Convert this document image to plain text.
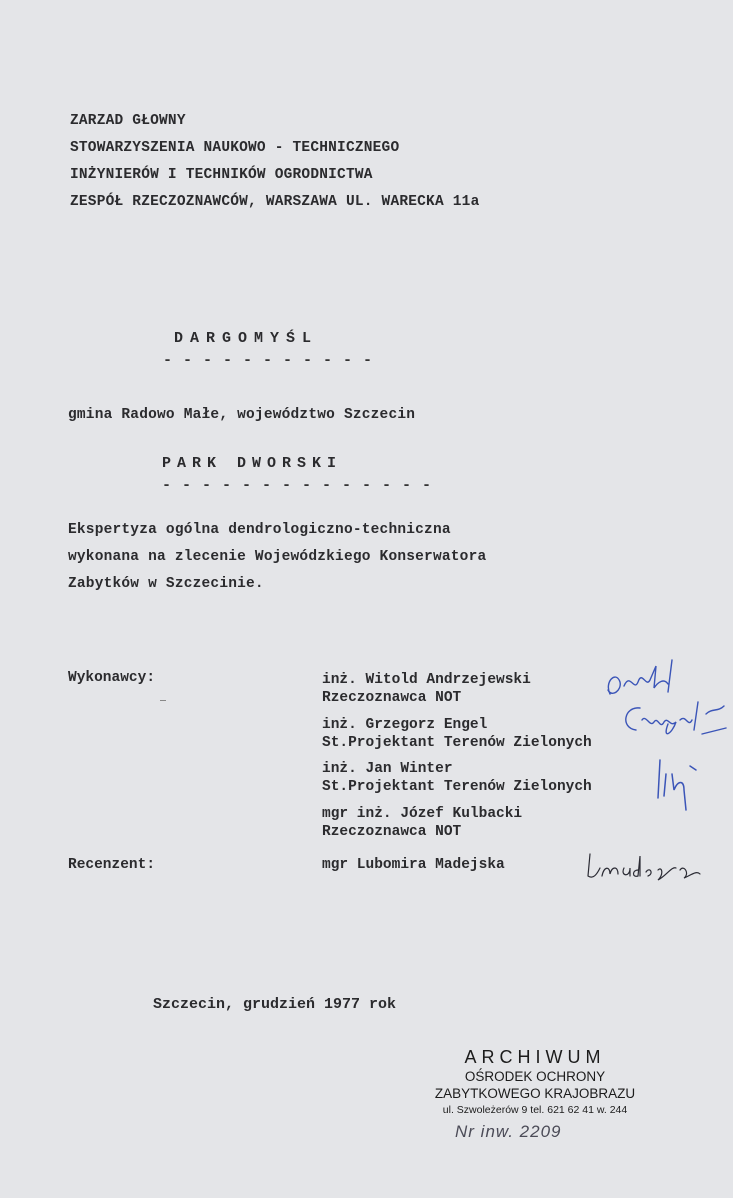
ZARZAD GŁOWNY
STOWARZYSZENIA NAUKOWO - TECHNICZNEGO
INŻYNIERÓW I TECHNIKÓW OGRODNICTWA
ZESPÓŁ RZECZOZNAWCÓW, WARSZAWA UL. WARECKA 11a
DARGOMYŚL
- - - - - - - - - - -
gmina Radowo Małe, województwo Szczecin
PARK DWORSKI
- - - - - - - - - - - - - -
Ekspertyza ogólna dendrologiczno-techniczna
wykonana na zlecenie Wojewódzkiego Konserwatora
Zabytków w Szczecinie.
Wykonawcy:	inż. Witold Andrzejewski
Rzeczoznawca NOT
inż. Grzegorz Engel
St.Projektant Terenów Zielonych
inż. Jan Winter
St.Projektant Terenów Zielonych
mgr inż. Józef Kulbacki
Rzeczoznawca NOT
Recenzent:	mgr Lubomira Madejska
Szczecin, grudzień 1977 rok
ARCHIWUM
OŚRODEK OCHRONY
ZABYTKOWEGO KRAJOBRAZU
ul. Szwoleżerów 9 tel. 621 62 41 w. 244
Nr inw. 2209
